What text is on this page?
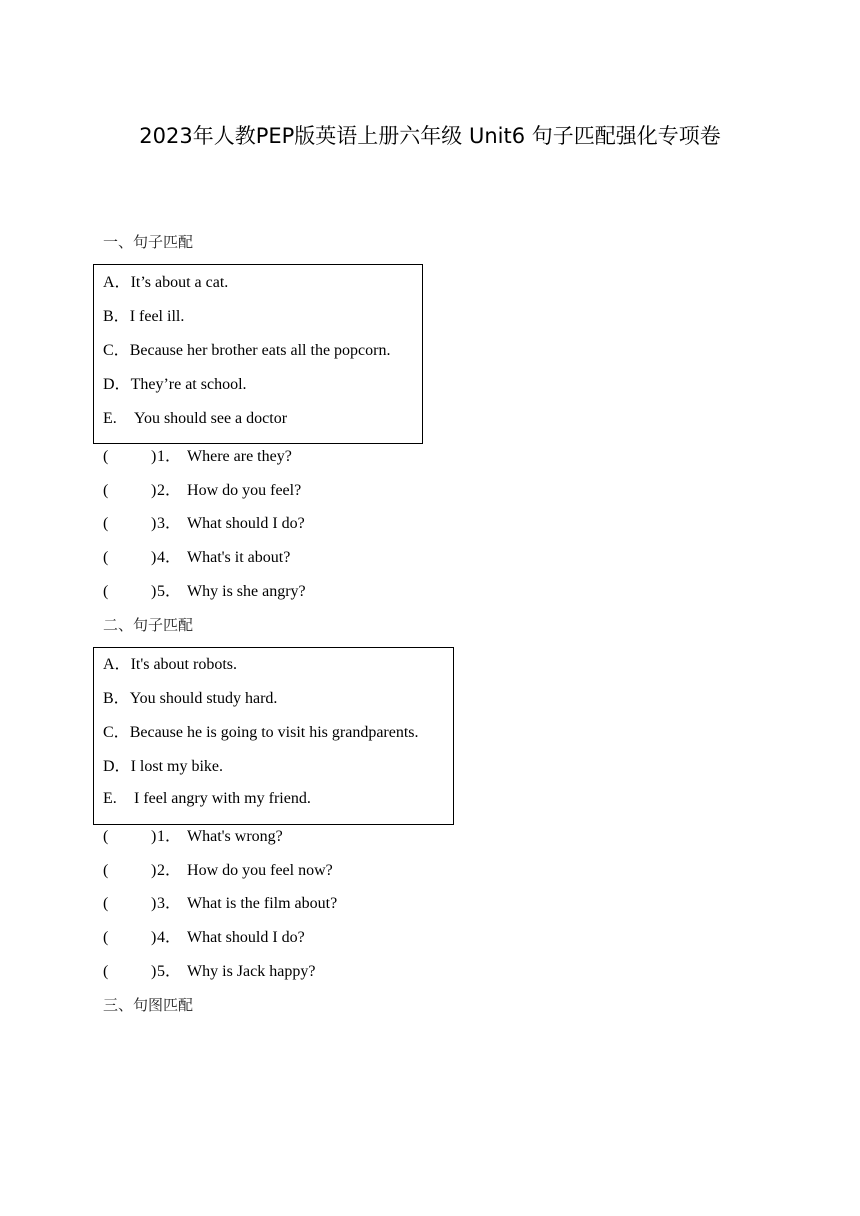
2023年人教PEP版英语上册六年级 Unit6 句子匹配强化专项卷
一、句子匹配
A．It’s about a cat.
B．I feel ill.
C．Because her brother eats all the popcorn.
D．They’re at school.
E. You should see a doctor
(	)1． Where are they?
(	)2． How do you feel?
(	)3． What should I do?
(	)4． What's it about?
(	)5． Why is she angry?
二、句子匹配
A．It's about robots.
B．You should study hard.
C．Because he is going to visit his grandparents.
D．I lost my bike.
E. I feel angry with my friend.
(	)1． What's wrong?
(	)2． How do you feel now?
(	)3． What is the film about?
(	)4． What should I do?
(	)5． Why is Jack happy?
三、句图匹配
